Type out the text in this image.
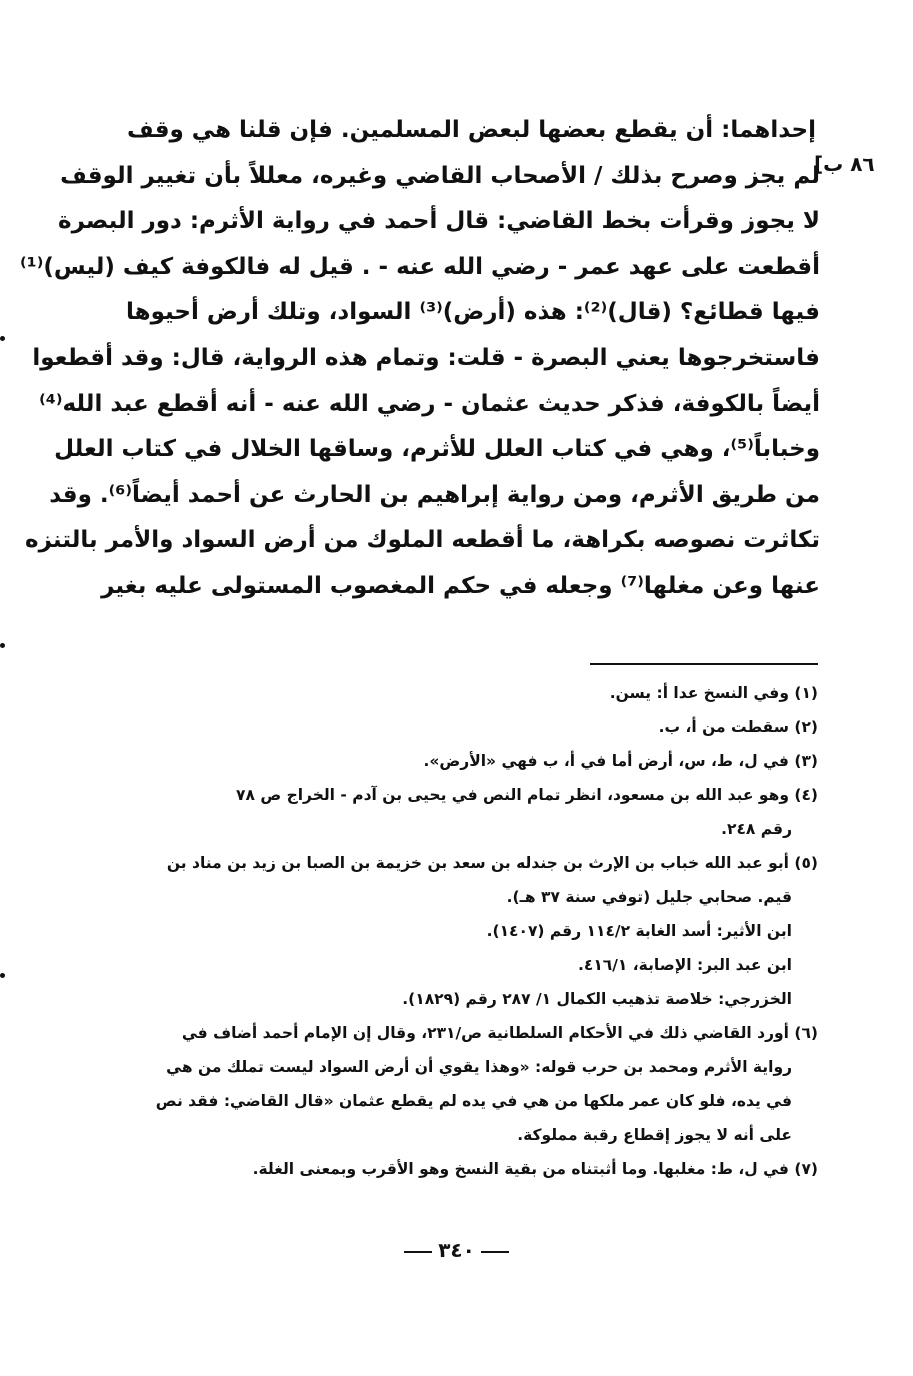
٨٦ ب]
إحداهما: أن يقطع بعضها لبعض المسلمين. فإن قلنا هي وقف
لم يجز وصرح بذلك / الأصحاب القاضي وغيره، معللاً بأن تغيير الوقف
لا يجوز وقرأت بخط القاضي: قال أحمد في رواية الأثرم: دور البصرة
أقطعت على عهد عمر - رضي الله عنه - . قيل له فالكوفة كيف (ليس)⁽¹⁾
فيها قطائع؟ (قال)⁽²⁾: هذه (أرض)⁽³⁾ السواد، وتلك أرض أحيوها
فاستخرجوها يعني البصرة - قلت: وتمام هذه الرواية، قال: وقد أقطعوا
أيضاً بالكوفة، فذكر حديث عثمان - رضي الله عنه - أنه أقطع عبد الله⁽⁴⁾
وخباباً⁽⁵⁾، وهي في كتاب العلل للأثرم، وساقها الخلال في كتاب العلل
من طريق الأثرم، ومن رواية إبراهيم بن الحارث عن أحمد أيضاً⁽⁶⁾. وقد
تكاثرت نصوصه بكراهة، ما أقطعه الملوك من أرض السواد والأمر بالتنزه
عنها وعن مغلها⁽⁷⁾ وجعله في حكم المغصوب المستولى عليه بغير
(١) وفي النسخ عدا أ: يسن.
(٢) سقطت من أ، ب.
(٣) في ل، ط، س، أرض أما في أ، ب فهي «الأرض».
(٤) وهو عبد الله بن مسعود، انظر تمام النص في يحيى بن آدم - الخراج ص ٧٨
رقم ٢٤٨.
(٥) أبو عبد الله خباب بن الإرث بن جندله بن سعد بن خزيمة بن الصبا بن زيد بن مناد بن
قيم. صحابي جليل (توفي سنة ٣٧ هـ).
ابن الأثير: أسد الغابة ١١٤/٢ رقم (١٤٠٧).
ابن عبد البر: الإصابة، ٤١٦/١.
الخزرجي: خلاصة تذهيب الكمال ١/ ٢٨٧ رقم (١٨٢٩).
(٦) أورد القاضي ذلك في الأحكام السلطانية ص/٢٣١، وقال إن الإمام أحمد أضاف في
رواية الأثرم ومحمد بن حرب قوله: «وهذا يقوي أن أرض السواد ليست تملك من هي
في يده، فلو كان عمر ملكها من هي في يده لم يقطع عثمان «قال القاضي: فقد نص
على أنه لا يجوز إقطاع رقبة مملوكة.
(٧) في ل، ط: مغلبها. وما أثبتناه من بقية النسخ وهو الأقرب وبمعنى الغلة.
٣٤٠
